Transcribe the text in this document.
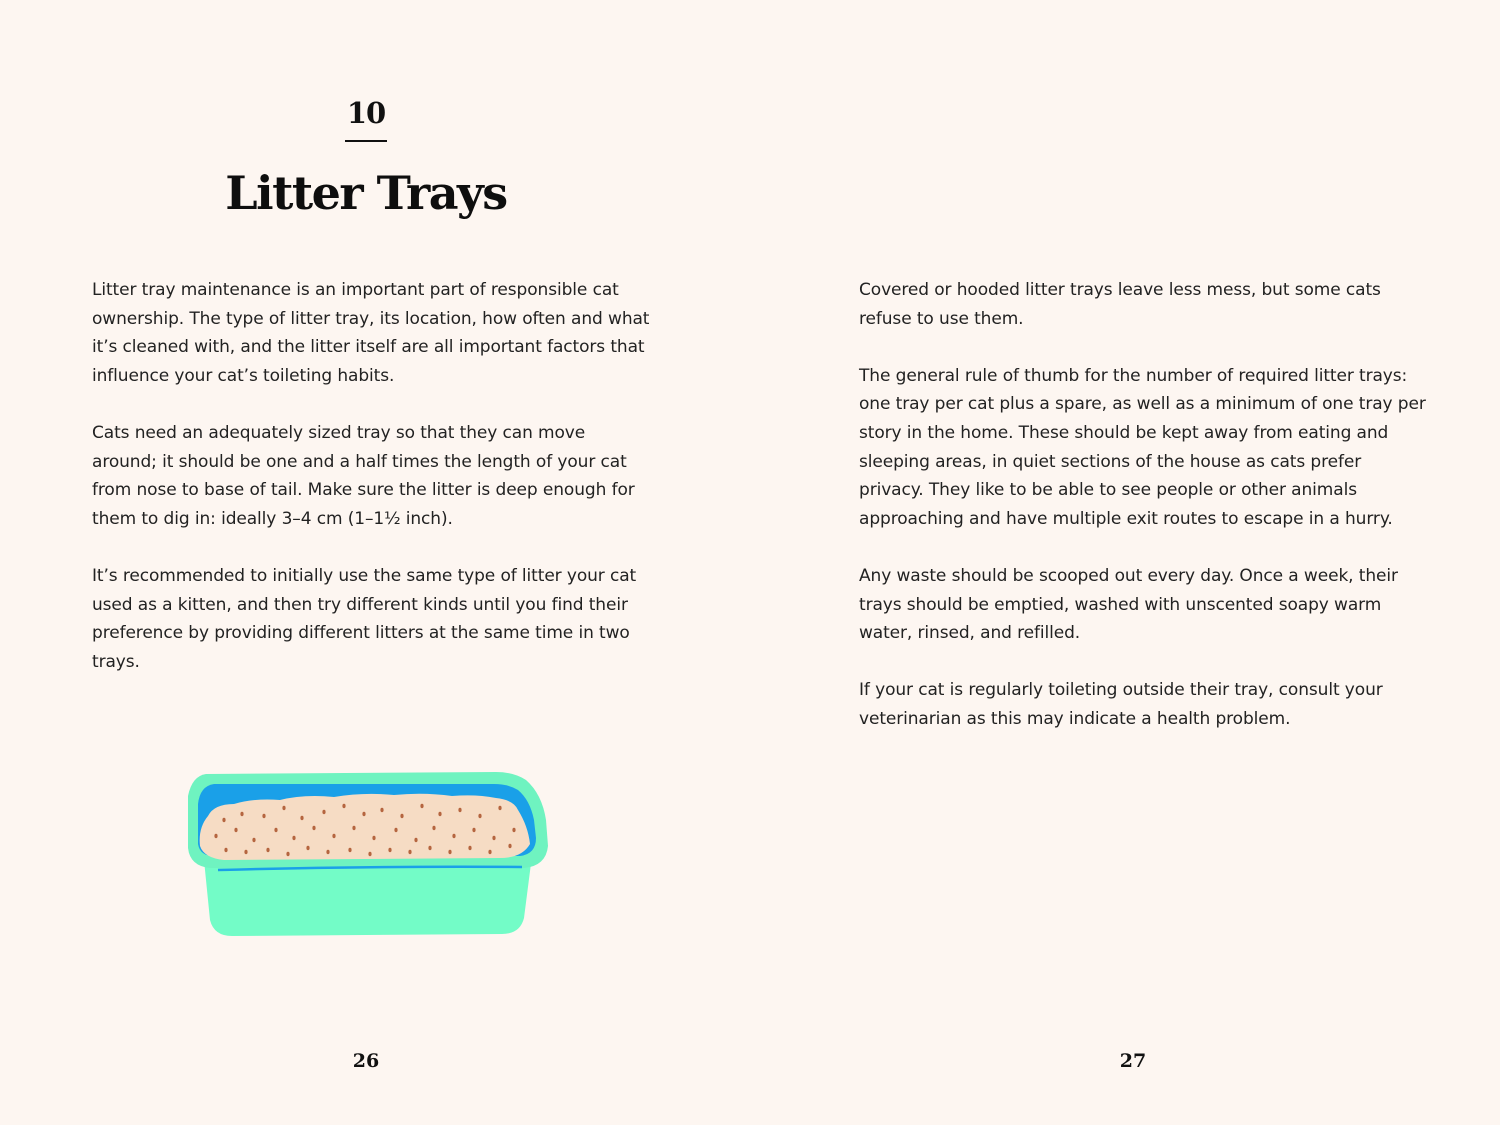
10
Litter Trays

Litter tray maintenance is an important part of responsible cat ownership. The type of litter tray, its location, how often and what it’s cleaned with, and the litter itself are all important factors that influence your cat’s toileting habits.

Cats need an adequately sized tray so that they can move around; it should be one and a half times the length of your cat from nose to base of tail. Make sure the litter is deep enough for them to dig in: ideally 3–4 cm (1–1½ inch).

It’s recommended to initially use the same type of litter your cat used as a kitten, and then try different kinds until you find their preference by providing different litters at the same time in two trays.

26

Covered or hooded litter trays leave less mess, but some cats refuse to use them.

The general rule of thumb for the number of required litter trays: one tray per cat plus a spare, as well as a minimum of one tray per story in the home. These should be kept away from eating and sleeping areas, in quiet sections of the house as cats prefer privacy. They like to be able to see people or other animals approaching and have multiple exit routes to escape in a hurry.

Any waste should be scooped out every day. Once a week, their trays should be emptied, washed with unscented soapy warm water, rinsed, and refilled.

If your cat is regularly toileting outside their tray, consult your veterinarian as this may indicate a health problem.

27
